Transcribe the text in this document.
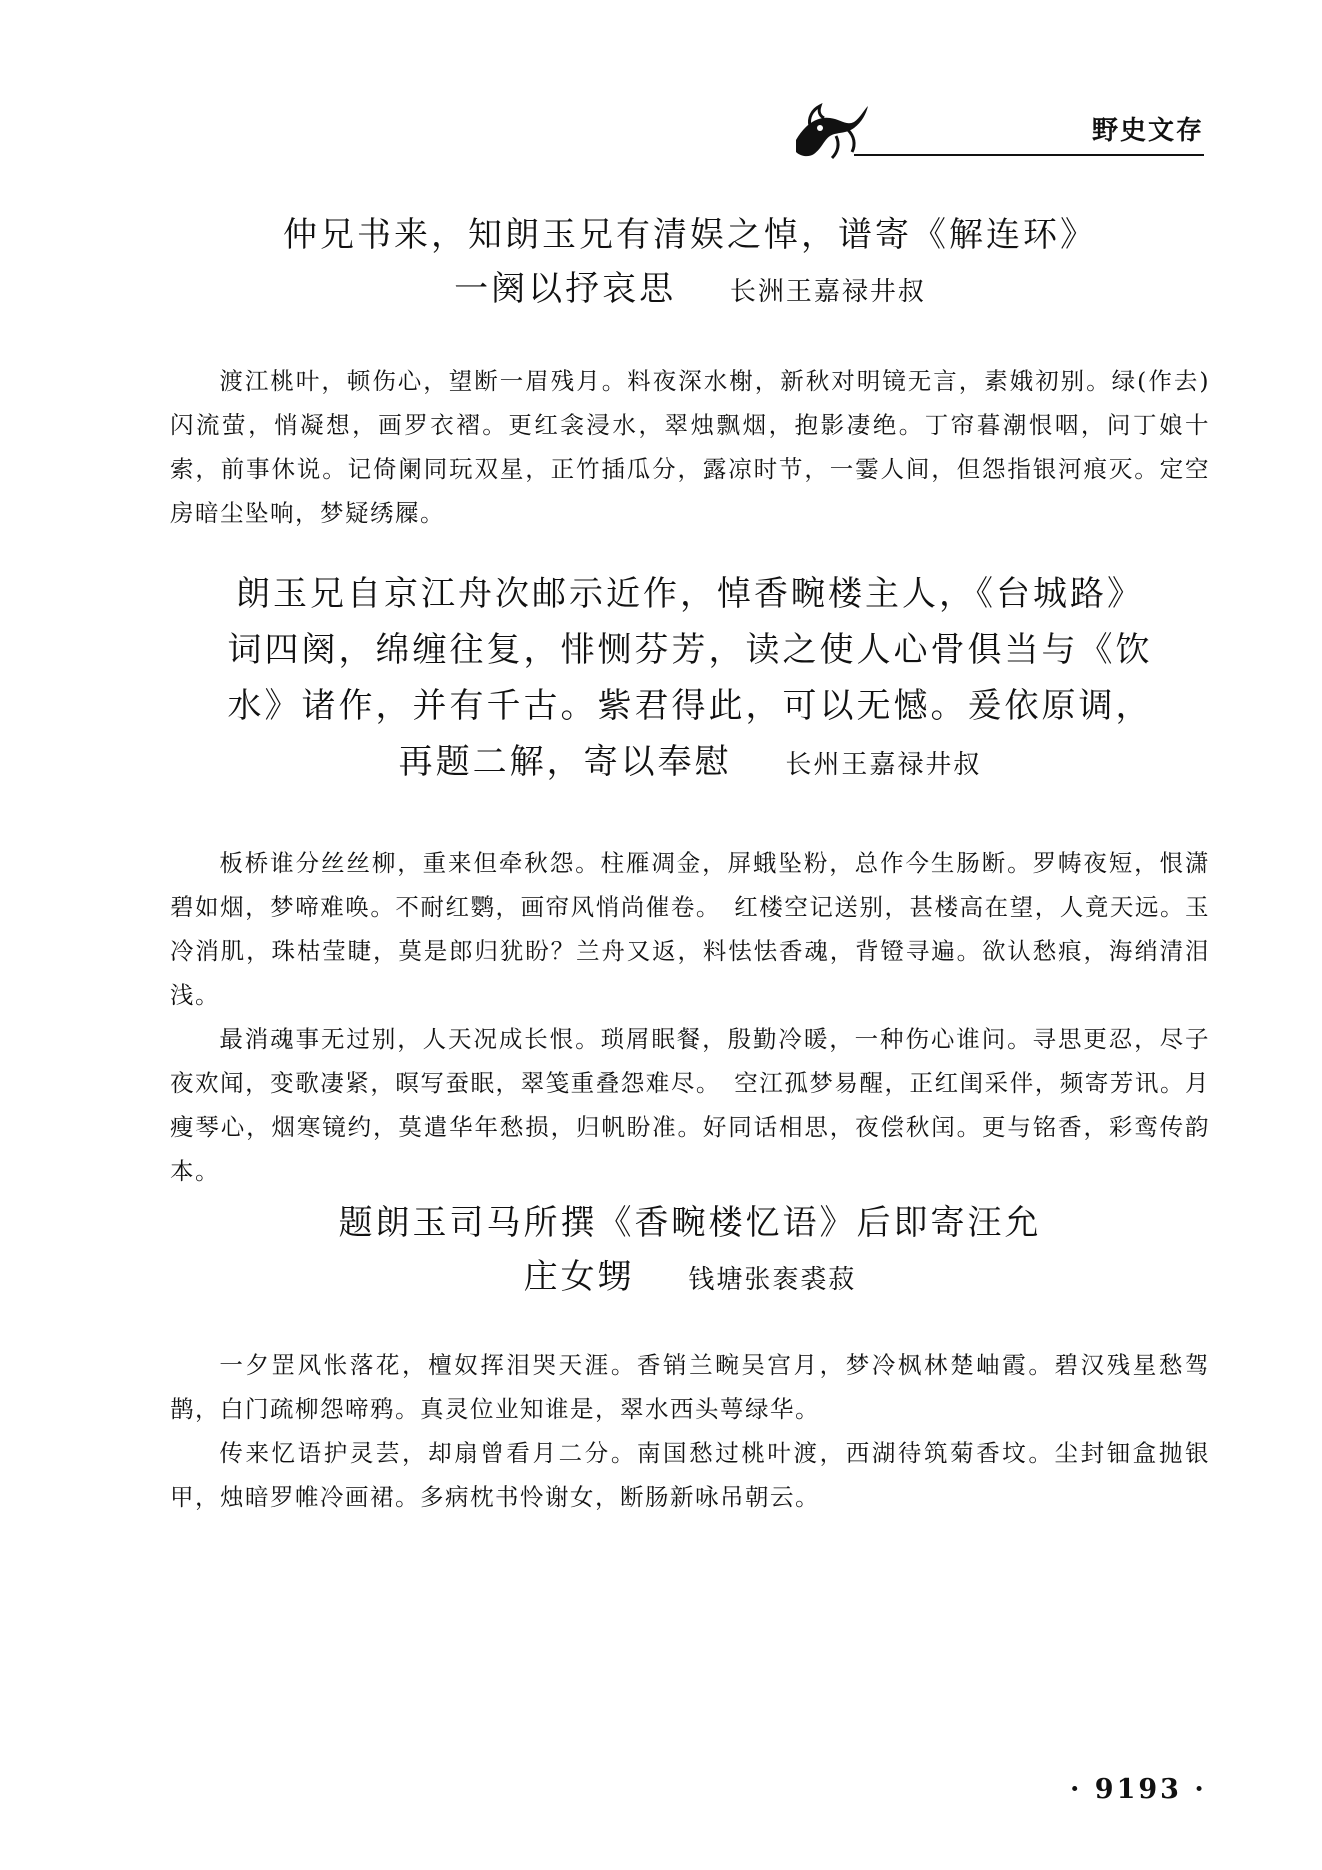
野史文存
仲兄书来，知朗玉兄有清娱之悼，谱寄《解连环》
一阕以抒哀思 长洲王嘉禄井叔

渡江桃叶，顿伤心，望断一眉残月。料夜深水榭，新秋对明镜无言，素娥初别。绿(作去)闪流萤，悄凝想，画罗衣褶。更红衾浸水，翠烛飘烟，抱影凄绝。丁帘暮潮恨咽，问丁娘十索，前事休说。记倚阑同玩双星，正竹插瓜分，露凉时节，一霎人间，但怨指银河痕灭。定空房暗尘坠响，梦疑绣屧。

朗玉兄自京江舟次邮示近作，悼香畹楼主人，《台城路》
词四阕，绵缠往复，悱恻芬芳，读之使人心骨俱当与《饮
水》诸作，并有千古。紫君得此，可以无憾。爰依原调，
再题二解，寄以奉慰 长州王嘉禄井叔

板桥谁分丝丝柳，重来但牵秋怨。柱雁凋金，屏蛾坠粉，总作今生肠断。罗帱夜短，恨潇碧如烟，梦啼难唤。不耐红鹦，画帘风悄尚催卷。　红楼空记送别，甚楼高在望，人竟天远。玉冷消肌，珠枯莹睫，莫是郎归犹盼？兰舟又返，料怯怯香魂，背镫寻遍。欲认愁痕，海绡清泪浅。

最消魂事无过别，人天况成长恨。琐屑眠餐，殷勤冷暖，一种伤心谁问。寻思更忍，尽子夜欢闻，变歌凄紧，暝写蚕眠，翠笺重叠怨难尽。　空江孤梦易醒，正红闺采伴，频寄芳讯。月瘦琴心，烟寒镜约，莫遣华年愁损，归帆盼准。好同话相思，夜偿秋闰。更与铭香，彩鸾传韵本。

题朗玉司马所撰《香畹楼忆语》后即寄汪允
庄女甥 钱塘张袠裘菽

一夕罡风怅落花，檀奴挥泪哭天涯。香销兰畹吴宫月，梦冷枫林楚岫霞。碧汉残星愁驾鹊，白门疏柳怨啼鸦。真灵位业知谁是，翠水西头萼绿华。

传来忆语护灵芸，却扇曾看月二分。南国愁过桃叶渡，西湖待筑菊香坟。尘封钿盒抛银甲，烛暗罗帷冷画裙。多病枕书怜谢女，断肠新咏吊朝云。

· 9193 ·
